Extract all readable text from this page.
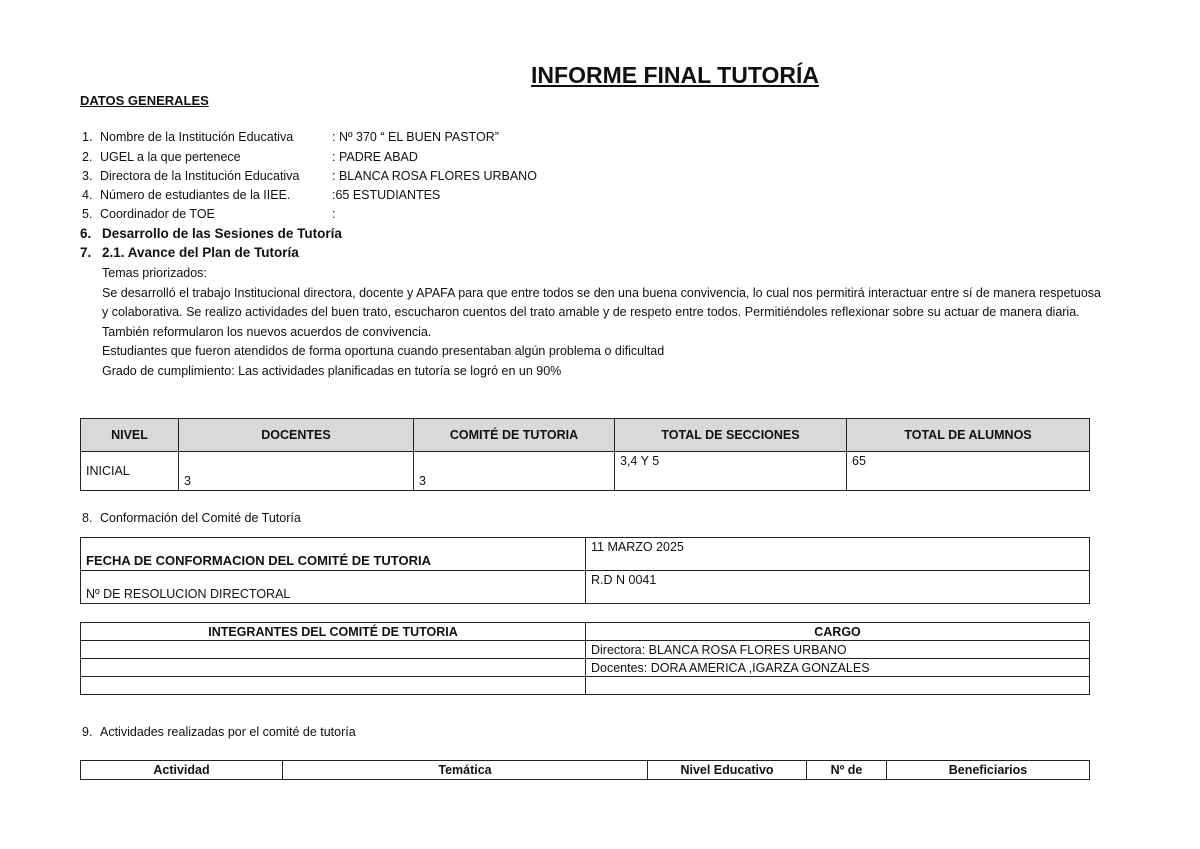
INFORME FINAL TUTORÍA
DATOS GENERALES
1. Nombre de la Institución Educativa	: Nº 370 “ EL BUEN PASTOR”
2. UGEL a la que pertenece	: PADRE ABAD
3. Directora de la Institución Educativa	: BLANCA ROSA FLORES URBANO
4. Número de estudiantes de la IIEE.	:65 ESTUDIANTES
5. Coordinador de TOE	:
6. Desarrollo de las Sesiones de Tutoría
7. 2.1. Avance del Plan de Tutoría
Temas priorizados:
Se desarrolló el trabajo Institucional directora, docente y APAFA para que entre todos se den una buena convivencia, lo cual nos permitirá interactuar entre sí de manera respetuosa y colaborativa. Se realizo actividades del buen trato, escucharon cuentos del trato amable y de respeto entre todos. Permitiéndoles reflexionar sobre su actuar de manera diaria. También reformularon los nuevos acuerdos de convivencia.
Estudiantes que fueron atendidos de forma oportuna cuando presentaban algún problema o dificultad
Grado de cumplimiento: Las actividades planificadas en tutoría se logró en un 90%
NIVEL	DOCENTES	COMITÉ DE TUTORIA	TOTAL DE SECCIONES	TOTAL DE ALUMNOS
INICIAL	3	3	3,4 Y 5	65
8. Conformación del Comité de Tutoría
FECHA DE CONFORMACION DEL COMITÉ DE TUTORIA	11 MARZO 2025
Nº DE RESOLUCION DIRECTORAL	R.D N 0041
INTEGRANTES DEL COMITÉ DE TUTORIA	CARGO
	Directora: BLANCA ROSA FLORES URBANO
	Docentes: DORA AMERICA ,IGARZA GONZALES

9. Actividades realizadas por el comité de tutoría
Actividad	Temática	Nivel Educativo	Nº de	Beneficiarios
